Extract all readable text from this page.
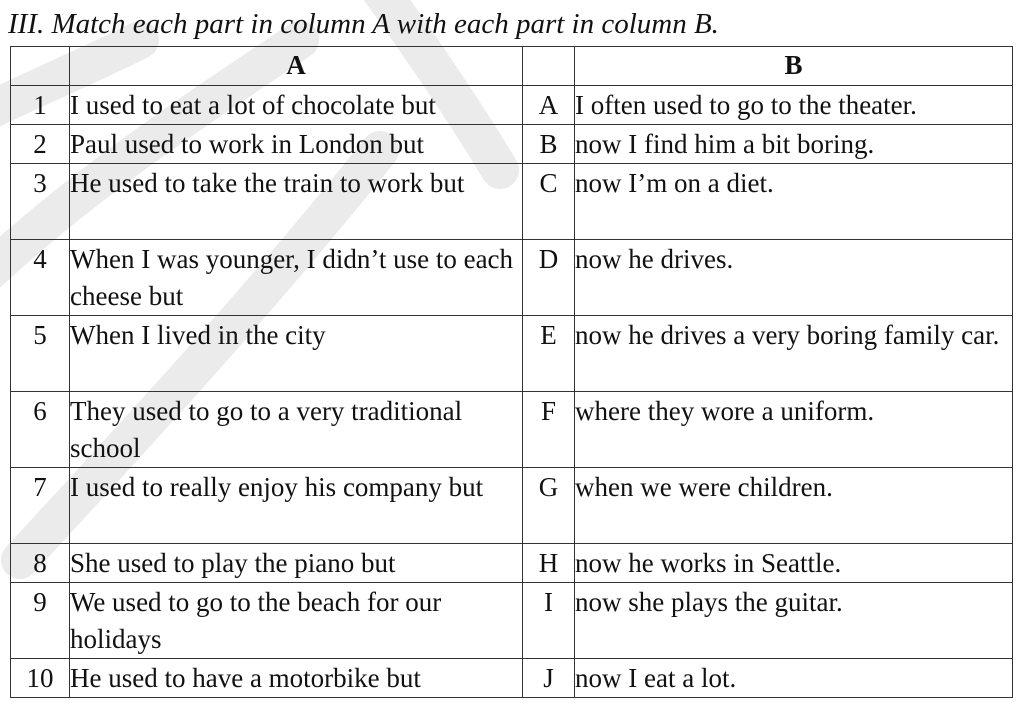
III. Match each part in column A with each part in column B.
	A		B
1	I used to eat a lot of chocolate but	A	I often used to go to the theater.
2	Paul used to work in London but	B	now I find him a bit boring.
3	He used to take the train to work but	C	now I’m on a diet.
4	When I was younger, I didn’t use to each cheese but	D	now he drives.
5	When I lived in the city	E	now he drives a very boring family car.
6	They used to go to a very traditional school	F	where they wore a uniform.
7	I used to really enjoy his company but	G	when we were children.
8	She used to play the piano but	H	now he works in Seattle.
9	We used to go to the beach for our holidays	I	now she plays the guitar.
10	He used to have a motorbike but	J	now I eat a lot.
